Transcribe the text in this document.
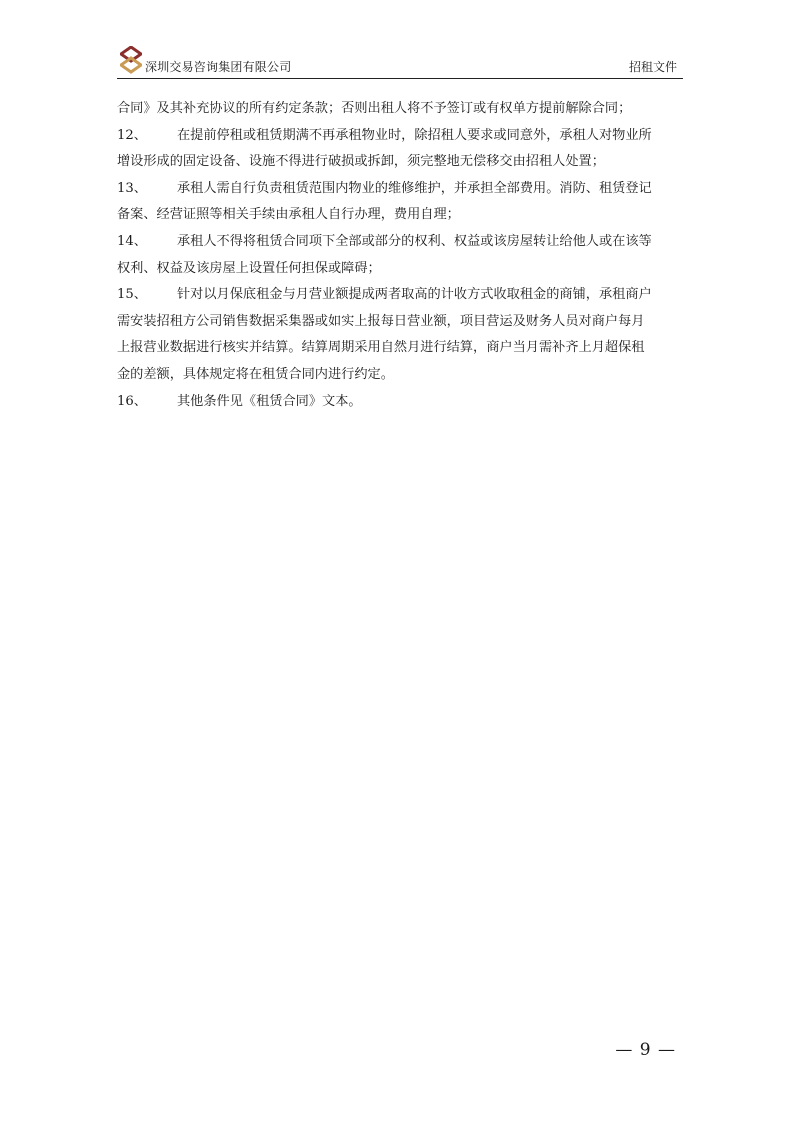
深圳交易咨询集团有限公司	招租文件

合同》及其补充协议的所有约定条款；否则出租人将不予签订或有权单方提前解除合同；

12、 在提前停租或租赁期满不再承租物业时，除招租人要求或同意外，承租人对物业所
增设形成的固定设备、设施不得进行破损或拆卸，须完整地无偿移交由招租人处置；
13、 承租人需自行负责租赁范围内物业的维修维护，并承担全部费用。消防、租赁登记
备案、经营证照等相关手续由承租人自行办理，费用自理；
14、 承租人不得将租赁合同项下全部或部分的权利、权益或该房屋转让给他人或在该等
权利、权益及该房屋上设置任何担保或障碍；
15、 针对以月保底租金与月营业额提成两者取高的计收方式收取租金的商铺，承租商户
需安装招租方公司销售数据采集器或如实上报每日营业额，项目营运及财务人员对商户每月
上报营业数据进行核实并结算。结算周期采用自然月进行结算，商户当月需补齐上月超保租
金的差额，具体规定将在租赁合同内进行约定。
16、 其他条件见《租赁合同》文本。
— 9 —
